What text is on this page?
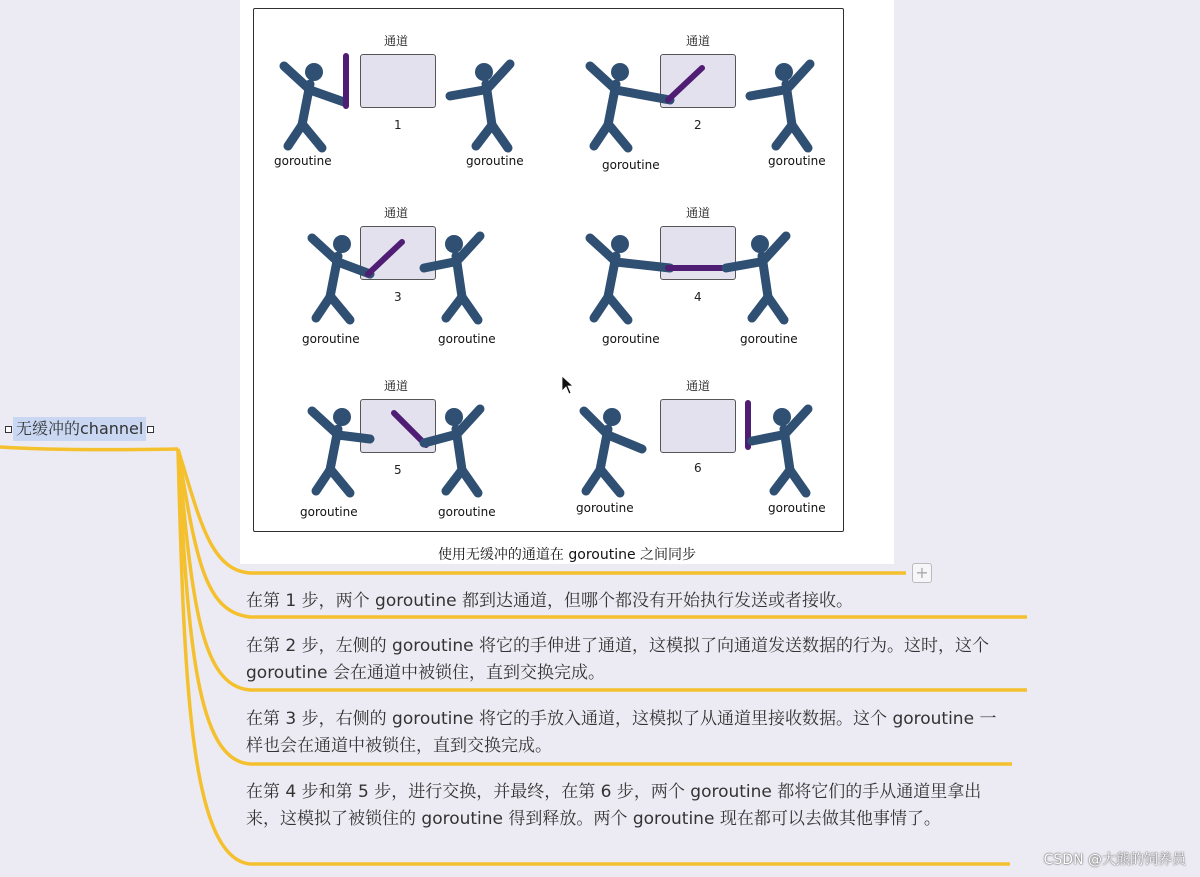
通道
1
goroutine	goroutine
通道
2
goroutine	goroutine
通道
3
goroutine	goroutine
通道
4
goroutine	goroutine
通道
5
goroutine	goroutine
通道
6
goroutine	goroutine
使用无缓冲的通道在 goroutine 之间同步
无缓冲的channel
+
在第 1 步，两个 goroutine 都到达通道，但哪个都没有开始执行发送或者接收。
在第 2 步，左侧的 goroutine 将它的手伸进了通道，这模拟了向通道发送数据的行为。这时，这个 goroutine 会在通道中被锁住，直到交换完成。
在第 3 步，右侧的 goroutine 将它的手放入通道，这模拟了从通道里接收数据。这个 goroutine 一样也会在通道中被锁住，直到交换完成。
在第 4 步和第 5 步，进行交换，并最终，在第 6 步，两个 goroutine 都将它们的手从通道里拿出来，这模拟了被锁住的 goroutine 得到释放。两个 goroutine 现在都可以去做其他事情了。
CSDN @大熊的饲养员
